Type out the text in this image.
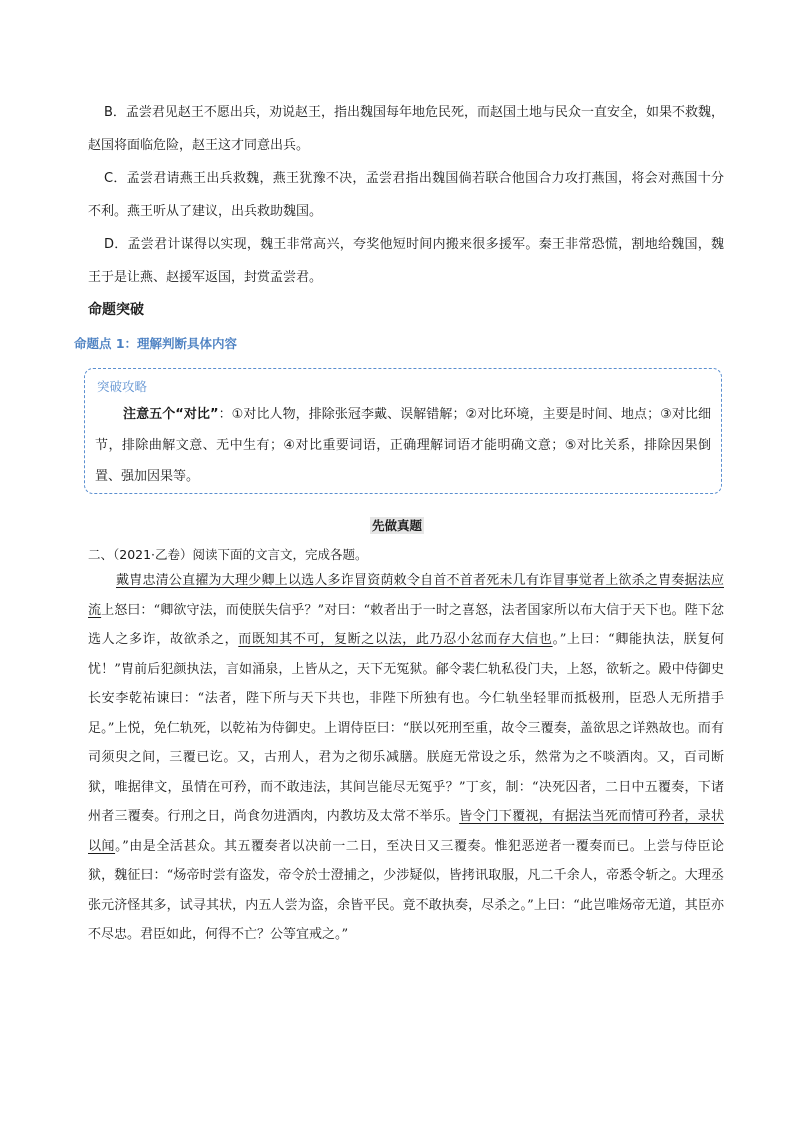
B．孟尝君见赵王不愿出兵，劝说赵王，指出魏国每年地危民死，而赵国土地与民众一直安全，如果不救魏，赵国将面临危险，赵王这才同意出兵。
C．孟尝君请燕王出兵救魏，燕王犹豫不决，孟尝君指出魏国倘若联合他国合力攻打燕国，将会对燕国十分不利。燕王听从了建议，出兵救助魏国。
D．孟尝君计谋得以实现，魏王非常高兴，夸奖他短时间内搬来很多援军。秦王非常恐慌，割地给魏国，魏王于是让燕、赵援军返国，封赏孟尝君。
命题突破
命题点 1：理解判断具体内容
突破攻略
注意五个“对比”：①对比人物，排除张冠李戴、误解错解；②对比环境，主要是时间、地点；③对比细节，排除曲解文意、无中生有；④对比重要词语，正确理解词语才能明确文意；⑤对比关系，排除因果倒置、强加因果等。
先做真题
二、（2021·乙卷）阅读下面的文言文，完成各题。
戴胄忠清公直擢为大理少卿上以选人多诈冒资荫敕令自首不首者死未几有诈冒事觉者上欲杀之胄奏据法应流上怒曰：“卿欲守法，而使朕失信乎？”对曰：“敕者出于一时之喜怒，法者国家所以布大信于天下也。陛下忿选人之多诈，故欲杀之，而既知其不可，复断之以法，此乃忍小忿而存大信也。”上曰：“卿能执法，朕复何忧！”胄前后犯颜执法，言如涌泉，上皆从之，天下无冤狱。鄃令裴仁轨私役门夫，上怒，欲斩之。殿中侍御史长安李乾祐谏曰：“法者，陛下所与天下共也，非陛下所独有也。今仁轨坐轻罪而抵极刑，臣恐人无所措手足。”上悦，免仁轨死，以乾祐为侍御史。上谓侍臣曰：“朕以死刑至重，故令三覆奏，盖欲思之详熟故也。而有司须臾之间，三覆已讫。又，古刑人，君为之彻乐减膳。朕庭无常设之乐，然常为之不啖酒肉。又，百司断狱，唯据律文，虽情在可矜，而不敢违法，其间岂能尽无冤乎？”丁亥，制：“决死囚者，二日中五覆奏，下诸州者三覆奏。行刑之日，尚食勿进酒肉，内教坊及太常不举乐。皆令门下覆视，有据法当死而情可矜者，录状以闻。”由是全活甚众。其五覆奏者以决前一二日，至决日又三覆奏。惟犯恶逆者一覆奏而已。上尝与侍臣论狱，魏征曰：“炀帝时尝有盗发，帝令於士澄捕之，少涉疑似，皆拷讯取服，凡二千余人，帝悉令斩之。大理丞张元济怪其多，试寻其状，内五人尝为盗，余皆平民。竟不敢执奏，尽杀之。”上曰：“此岂唯炀帝无道，其臣亦不尽忠。君臣如此，何得不亡？公等宜戒之。”
